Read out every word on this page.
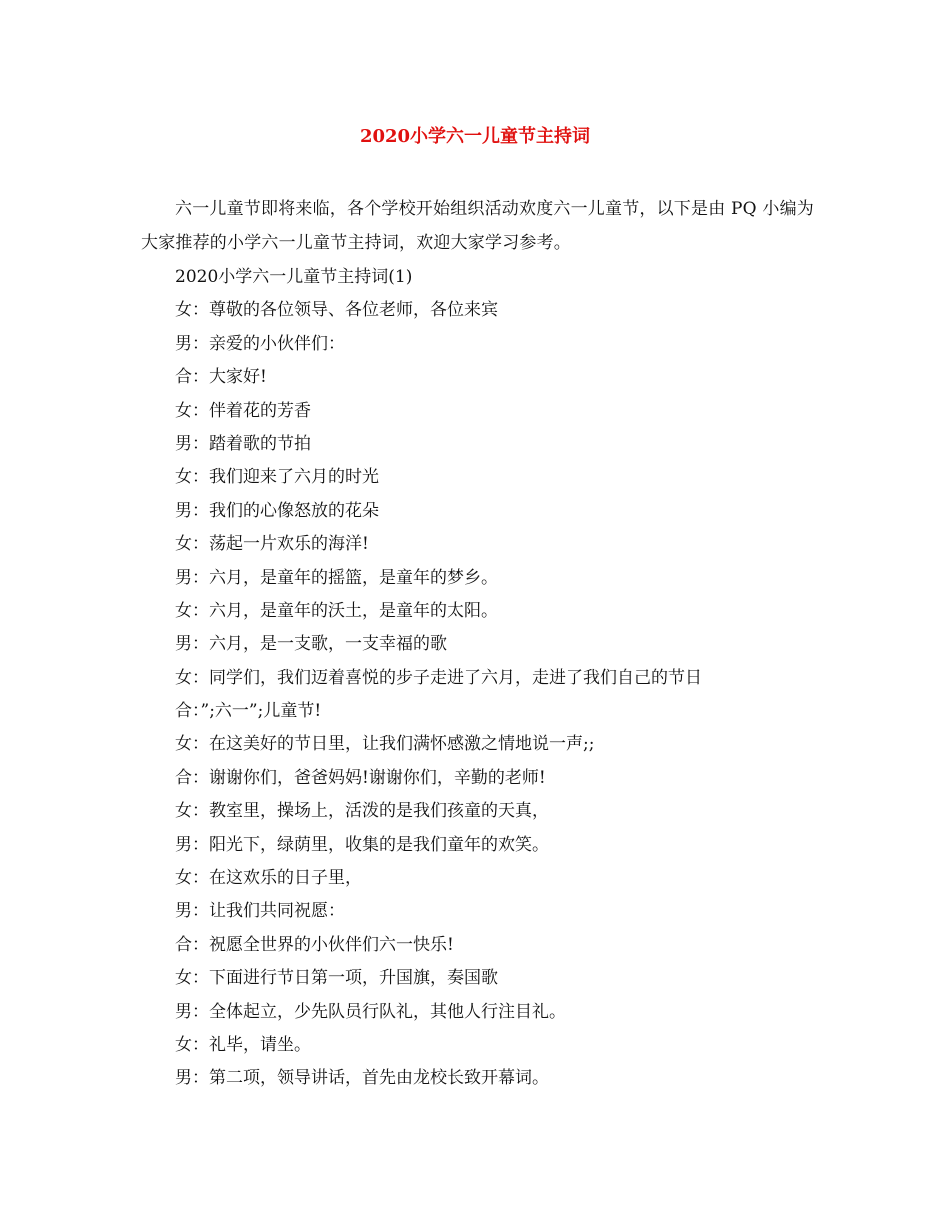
2020小学六一儿童节主持词

六一儿童节即将来临，各个学校开始组织活动欢度六一儿童节，以下是由 PQ 小编为大家推荐的小学六一儿童节主持词，欢迎大家学习参考。

2020小学六一儿童节主持词(1)
女：尊敬的各位领导、各位老师，各位来宾
男：亲爱的小伙伴们：
合：大家好!
女：伴着花的芳香
男：踏着歌的节拍
女：我们迎来了六月的时光
男：我们的心像怒放的花朵
女：荡起一片欢乐的海洋!
男：六月，是童年的摇篮，是童年的梦乡。
女：六月，是童年的沃土，是童年的太阳。
男：六月，是一支歌，一支幸福的歌
女：同学们，我们迈着喜悦的步子走进了六月，走进了我们自己的节日
合：”;六一”;儿童节!
女：在这美好的节日里，让我们满怀感激之情地说一声;;
合：谢谢你们，爸爸妈妈!谢谢你们，辛勤的老师!
女：教室里，操场上，活泼的是我们孩童的天真，
男：阳光下，绿荫里，收集的是我们童年的欢笑。
女：在这欢乐的日子里，
男：让我们共同祝愿：
合：祝愿全世界的小伙伴们六一快乐!
女：下面进行节日第一项，升国旗，奏国歌
男：全体起立，少先队员行队礼，其他人行注目礼。
女：礼毕，请坐。
男：第二项，领导讲话，首先由龙校长致开幕词。
